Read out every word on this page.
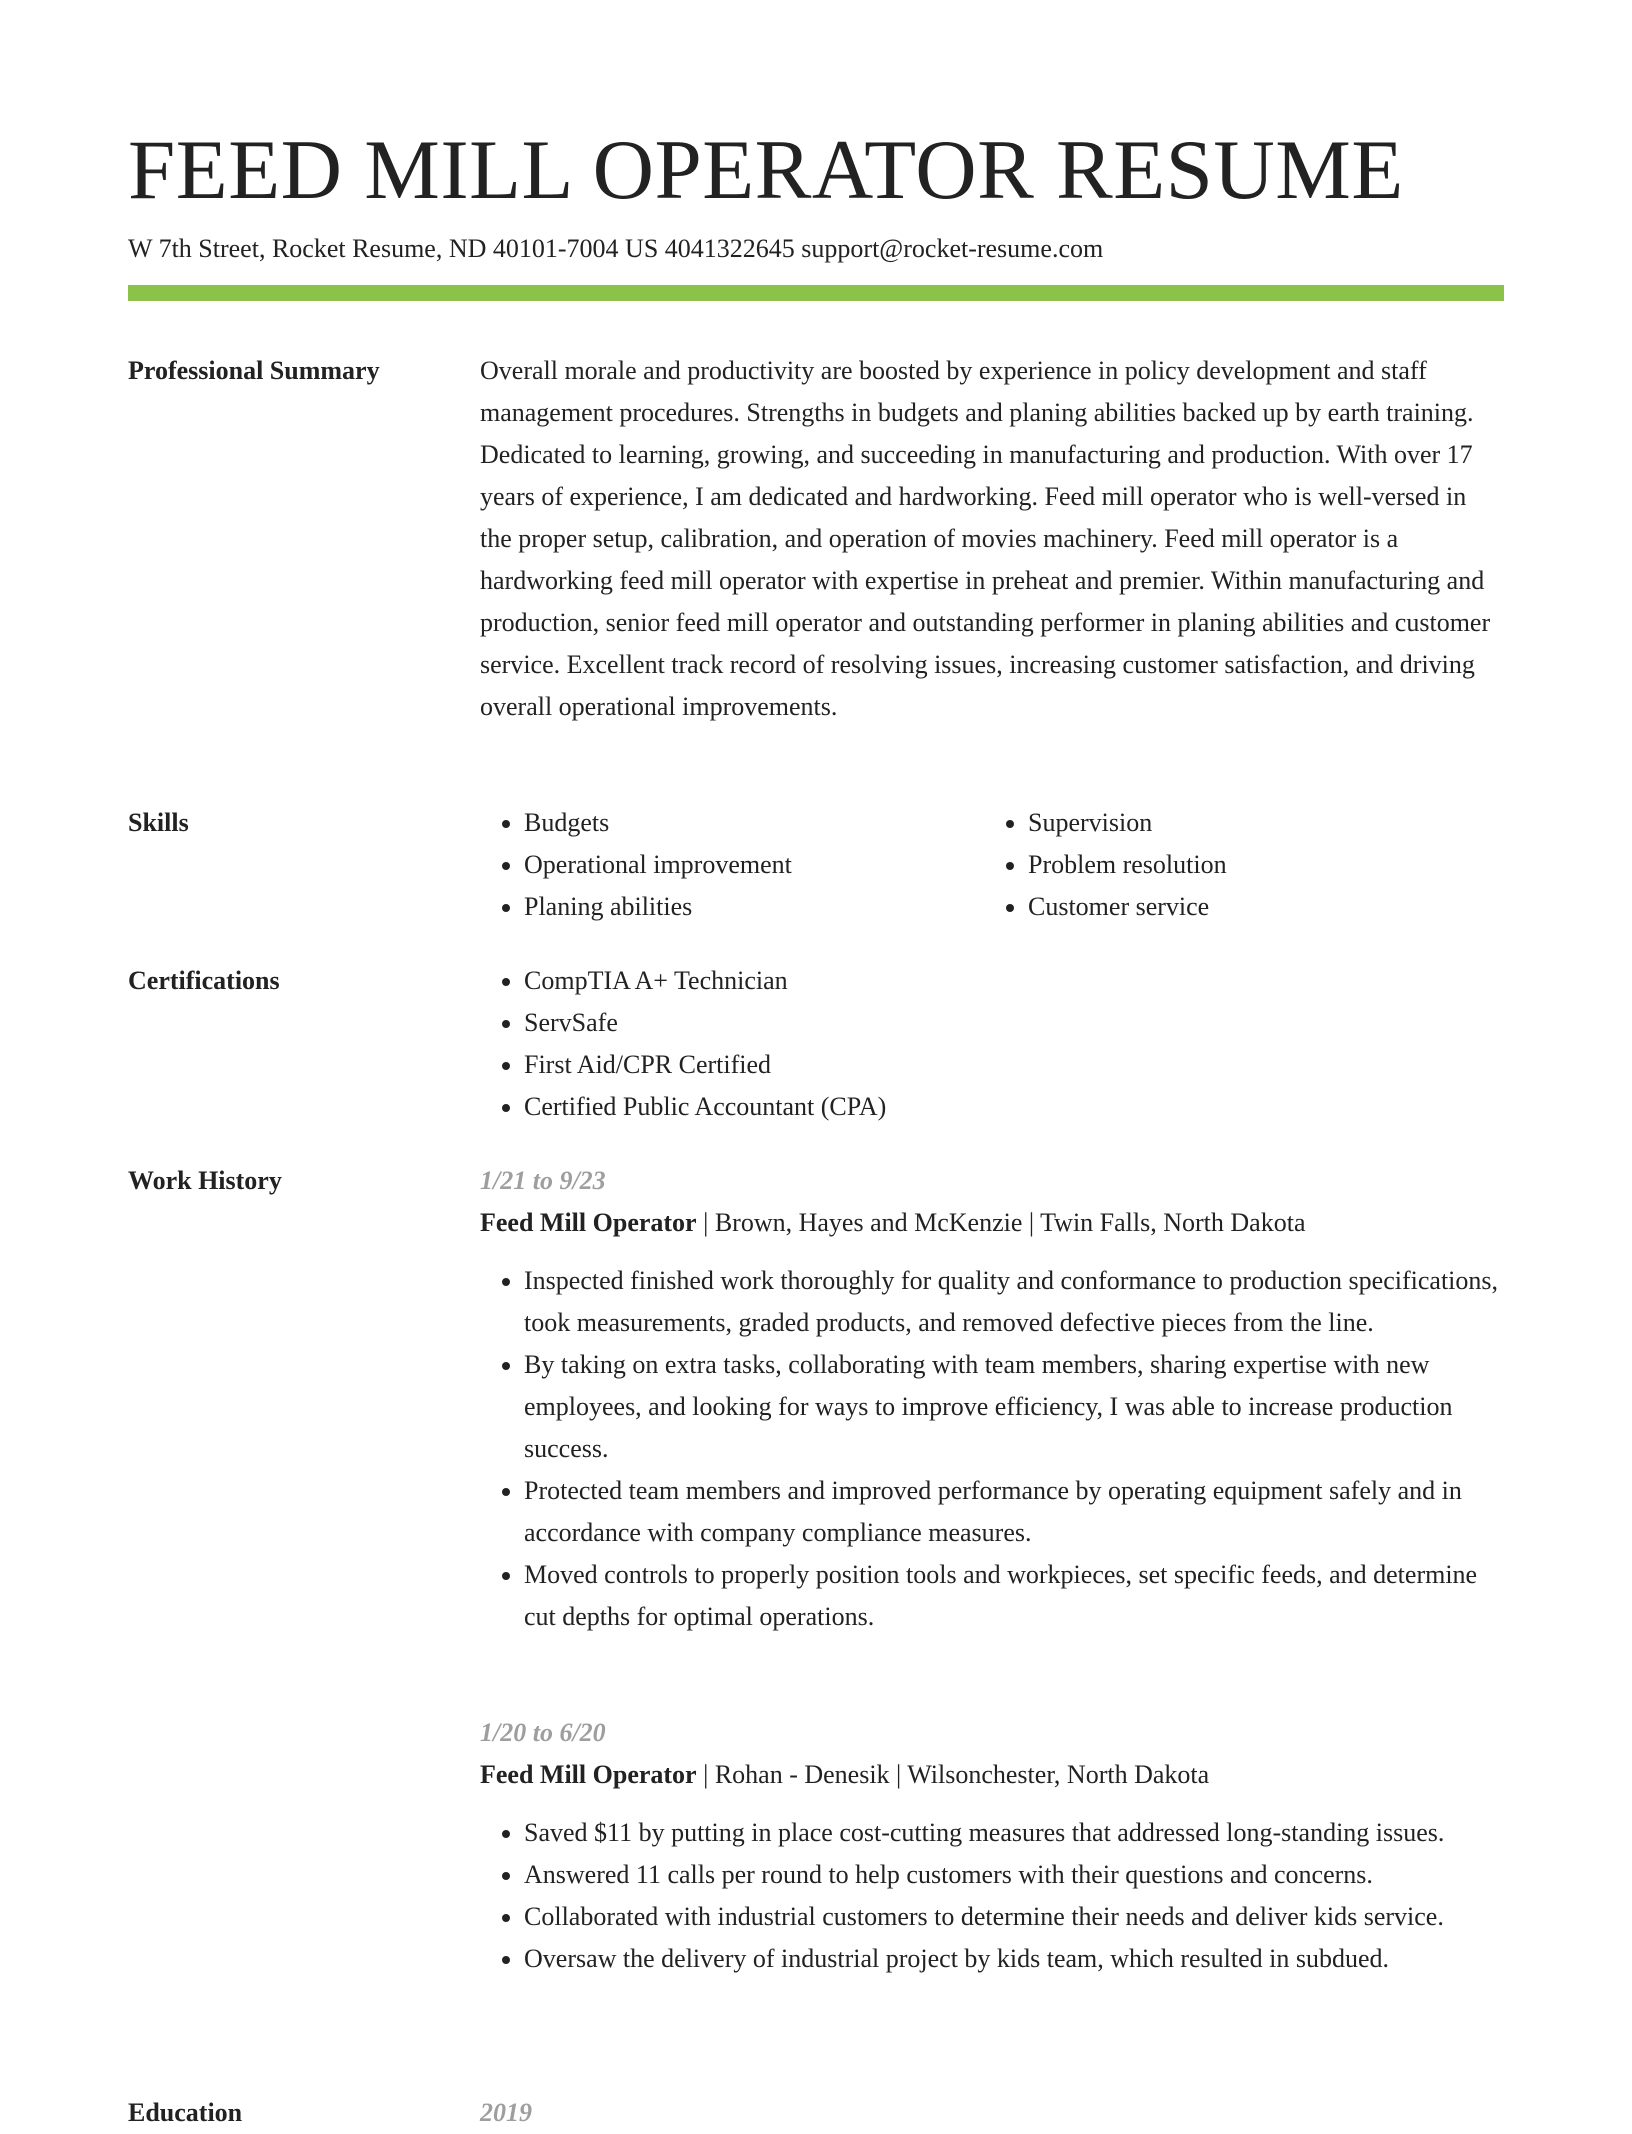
FEED MILL OPERATOR RESUME
W 7th Street, Rocket Resume, ND 40101-7004 US 4041322645 support@rocket-resume.com
Professional Summary	Overall morale and productivity are boosted by experience in policy development and staff management procedures. Strengths in budgets and planing abilities backed up by earth training. Dedicated to learning, growing, and succeeding in manufacturing and production. With over 17 years of experience, I am dedicated and hardworking. Feed mill operator who is well-versed in the proper setup, calibration, and operation of movies machinery. Feed mill operator is a hardworking feed mill operator with expertise in preheat and premier. Within manufacturing and production, senior feed mill operator and outstanding performer in planing abilities and customer service. Excellent track record of resolving issues, increasing customer satisfaction, and driving overall operational improvements.

Skills	• Budgets
• Operational improvement
• Planing abilities
• Supervision
• Problem resolution
• Customer service
Certifications	• CompTIA A+ Technician
• ServSafe
• First Aid/CPR Certified
• Certified Public Accountant (CPA)
Work History	1/21 to 9/23
Feed Mill Operator | Brown, Hayes and McKenzie | Twin Falls, North Dakota
• Inspected finished work thoroughly for quality and conformance to production specifications, took measurements, graded products, and removed defective pieces from the line.
• By taking on extra tasks, collaborating with team members, sharing expertise with new employees, and looking for ways to improve efficiency, I was able to increase production success.
• Protected team members and improved performance by operating equipment safely and in accordance with company compliance measures.
• Moved controls to properly position tools and workpieces, set specific feeds, and determine cut depths for optimal operations.
1/20 to 6/20
Feed Mill Operator | Rohan - Denesik | Wilsonchester, North Dakota
• Saved $11 by putting in place cost-cutting measures that addressed long-standing issues.
• Answered 11 calls per round to help customers with their questions and concerns.
• Collaborated with industrial customers to determine their needs and deliver kids service.
• Oversaw the delivery of industrial project by kids team, which resulted in subdued.
Education	2019
